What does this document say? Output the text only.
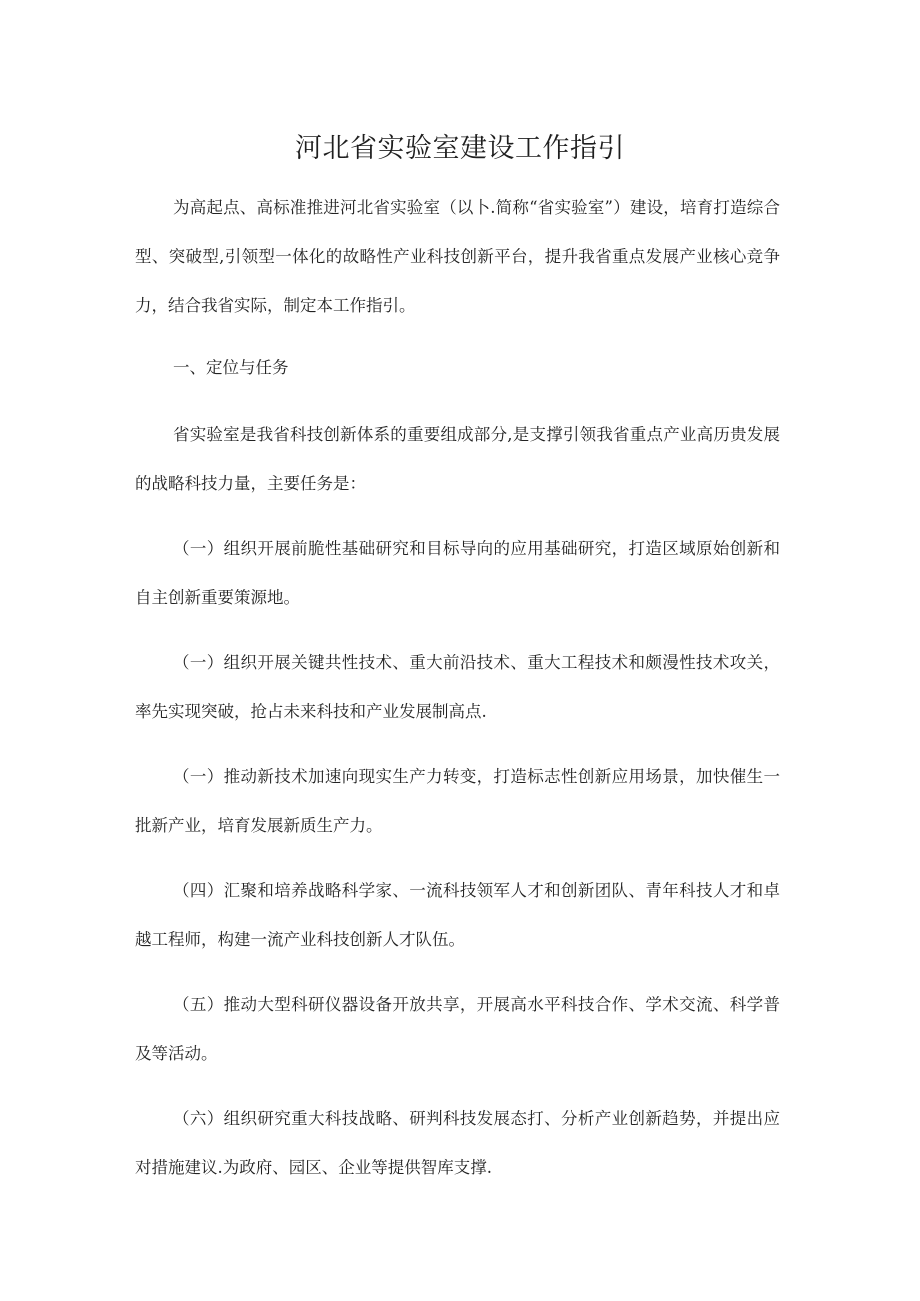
河北省实验室建设工作指引
为高起点、高标准推进河北省实验室（以卜.简称“省实验室”）建设，培育打造综合型、突破型,引领型一体化的故略性产业科技创新平台，提升我省重点发展产业核心竞争力，结合我省实际，制定本工作指引。
一、定位与任务
省实验室是我省科技创新体系的重要组成部分,是支撑引领我省重点产业高历贵发展的战略科技力量，主要任务是：
（一）组织开展前脆性基础研究和目标导向的应用基础研究，打造区域原始创新和自主创新重要策源地。
（一）组织开展关键共性技术、重大前沿技术、重大工程技术和颇漫性技术攻关，率先实现突破，抢占未来科技和产业发展制高点.
（一）推动新技术加速向现实生产力转变，打造标志性创新应用场景，加快催生一批新产业，培育发展新质生产力。
（四）汇聚和培养战略科学家、一流科技领军人才和创新团队、青年科技人才和卓越工程师，构建一流产业科技创新人才队伍。
（五）推动大型科研仪器设备开放共享，开展高水平科技合作、学术交流、科学普及等活动。
（六）组织研究重大科技战略、研判科技发展态打、分析产业创新趋势，并提出应对措施建议.为政府、园区、企业等提供智库支撑.
